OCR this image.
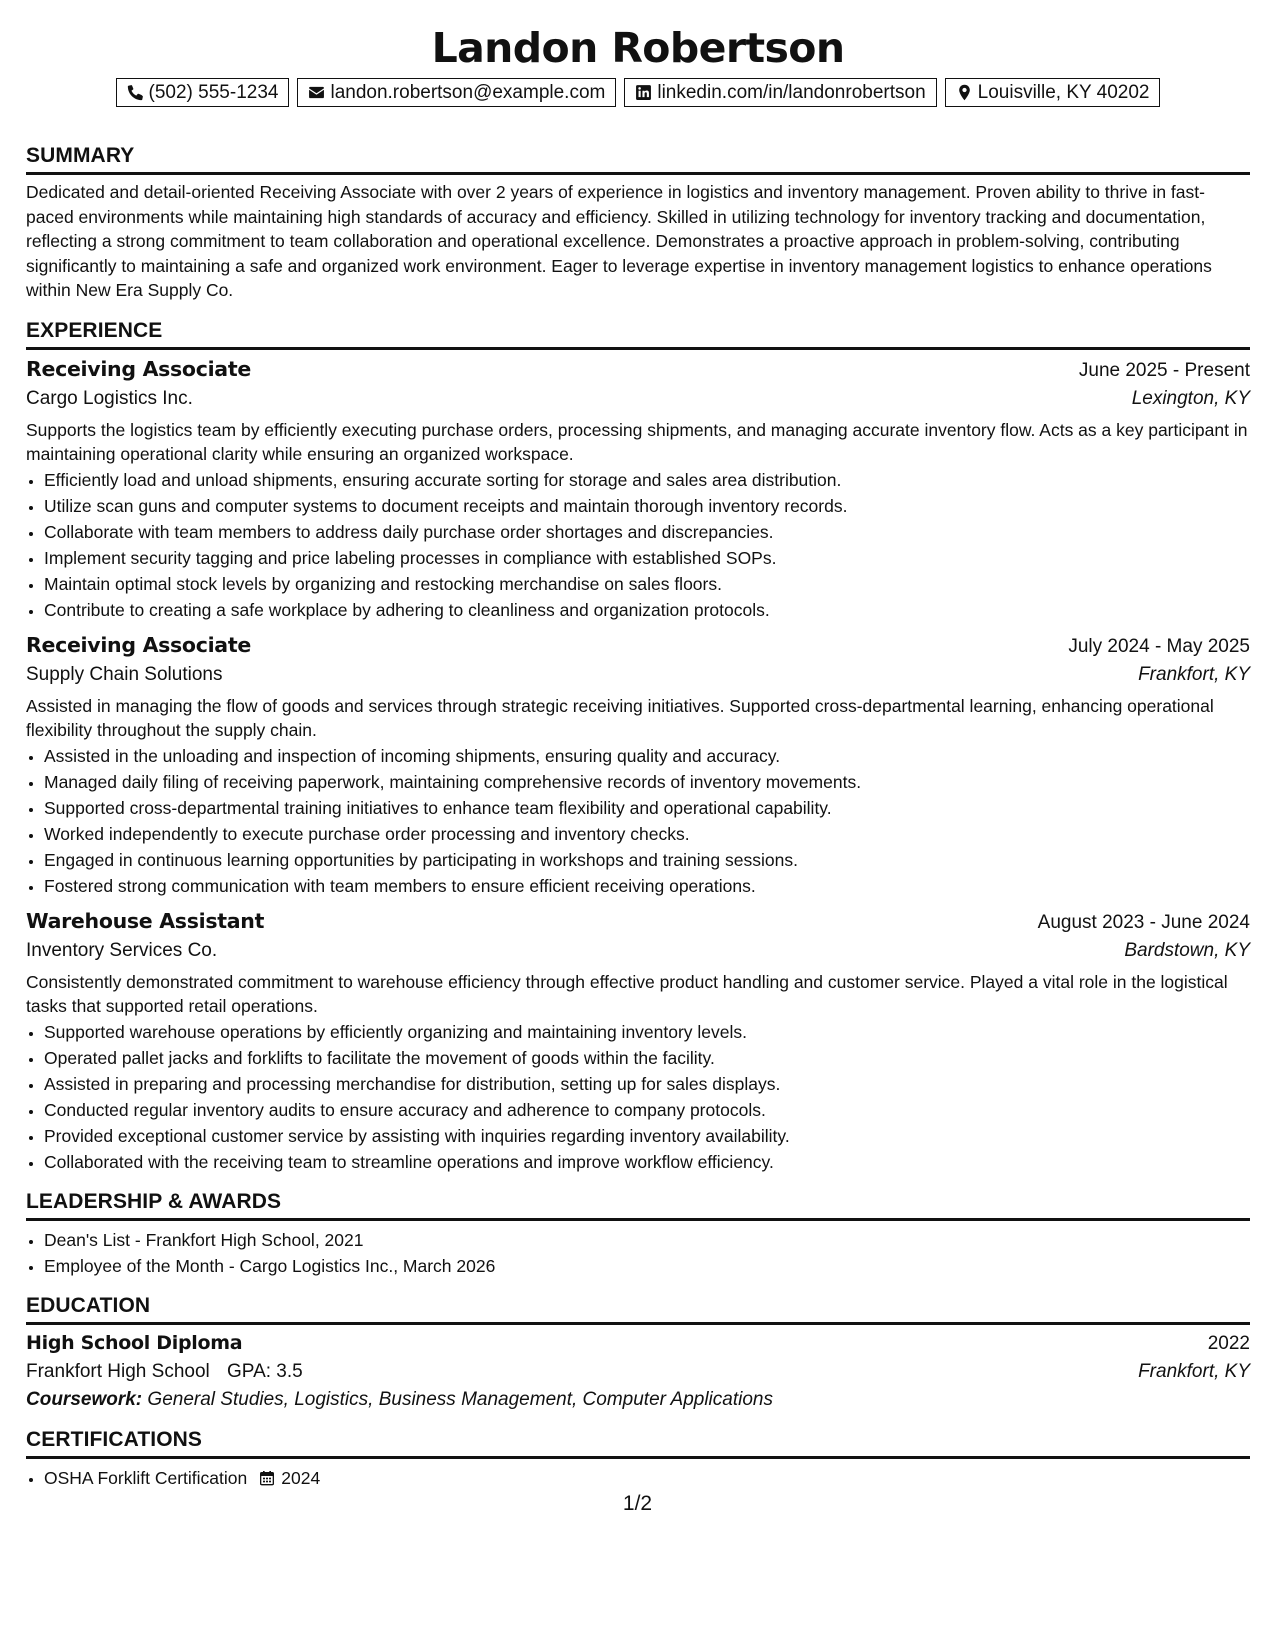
Landon Robertson
(502) 555-1234	landon.robertson@example.com	linkedin.com/in/landonrobertson	Louisville, KY 40202
SUMMARY

Dedicated and detail-oriented Receiving Associate with over 2 years of experience in logistics and inventory management. Proven ability to thrive in fast-paced environments while maintaining high standards of accuracy and efficiency. Skilled in utilizing technology for inventory tracking and documentation, reflecting a strong commitment to team collaboration and operational excellence. Demonstrates a proactive approach in problem-solving, contributing significantly to maintaining a safe and organized work environment. Eager to leverage expertise in inventory management logistics to enhance operations within New Era Supply Co.

EXPERIENCE
Receiving Associate	June 2025 - Present
Cargo Logistics Inc.	Lexington, KY

Supports the logistics team by efficiently executing purchase orders, processing shipments, and managing accurate inventory flow. Acts as a key participant in maintaining operational clarity while ensuring an organized workspace.

• Efficiently load and unload shipments, ensuring accurate sorting for storage and sales area distribution.
• Utilize scan guns and computer systems to document receipts and maintain thorough inventory records.
• Collaborate with team members to address daily purchase order shortages and discrepancies.
• Implement security tagging and price labeling processes in compliance with established SOPs.
• Maintain optimal stock levels by organizing and restocking merchandise on sales floors.
• Contribute to creating a safe workplace by adhering to cleanliness and organization protocols.
Receiving Associate	July 2024 - May 2025
Supply Chain Solutions	Frankfort, KY

Assisted in managing the flow of goods and services through strategic receiving initiatives. Supported cross-departmental learning, enhancing operational flexibility throughout the supply chain.

• Assisted in the unloading and inspection of incoming shipments, ensuring quality and accuracy.
• Managed daily filing of receiving paperwork, maintaining comprehensive records of inventory movements.
• Supported cross-departmental training initiatives to enhance team flexibility and operational capability.
• Worked independently to execute purchase order processing and inventory checks.
• Engaged in continuous learning opportunities by participating in workshops and training sessions.
• Fostered strong communication with team members to ensure efficient receiving operations.
Warehouse Assistant	August 2023 - June 2024
Inventory Services Co.	Bardstown, KY

Consistently demonstrated commitment to warehouse efficiency through effective product handling and customer service. Played a vital role in the logistical tasks that supported retail operations.

• Supported warehouse operations by efficiently organizing and maintaining inventory levels.
• Operated pallet jacks and forklifts to facilitate the movement of goods within the facility.
• Assisted in preparing and processing merchandise for distribution, setting up for sales displays.
• Conducted regular inventory audits to ensure accuracy and adherence to company protocols.
• Provided exceptional customer service by assisting with inquiries regarding inventory availability.
• Collaborated with the receiving team to streamline operations and improve workflow efficiency.
LEADERSHIP & AWARDS
• Dean's List - Frankfort High School, 2021
• Employee of the Month - Cargo Logistics Inc., March 2026
EDUCATION
High School Diploma	2022
Frankfort High School GPA: 3.5	Frankfort, KY
Coursework: General Studies, Logistics, Business Management, Computer Applications
CERTIFICATIONS
• OSHA Forklift Certification 2024
1/2
